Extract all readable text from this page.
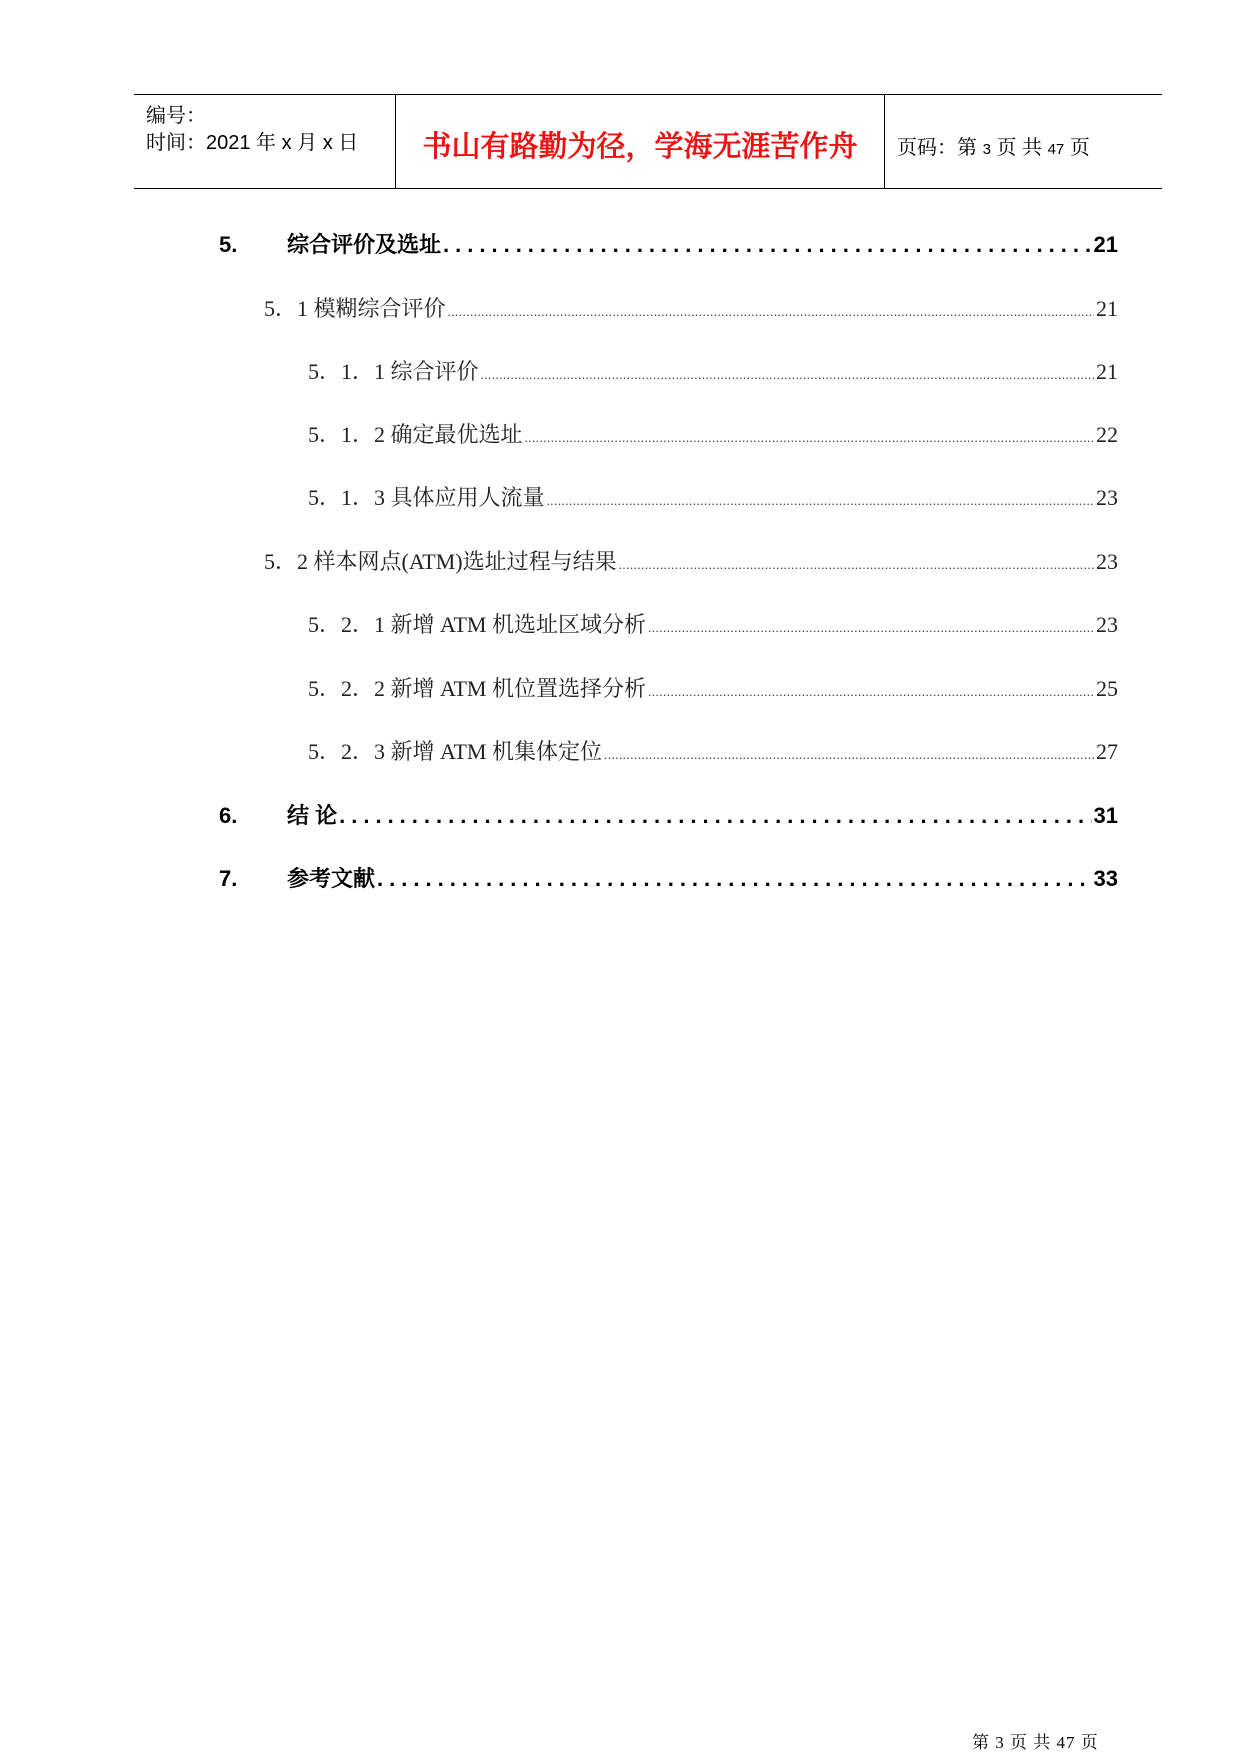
编号：
时间：2021 年 x 月 x 日	书山有路勤为径，学海无涯苦作舟	页码：第 3 页 共 47 页
5.	综合评价及选址 .....	21
5．1 模糊综合评价 .....	21
5．1．1 综合评价 .....	21
5．1．2 确定最优选址 .....	22
5．1．3 具体应用人流量 .....	23
5．2 样本网点(ATM)选址过程与结果 .....	23
5．2．1 新增 ATM 机选址区域分析 .....	23
5．2．2 新增 ATM 机位置选择分析 .....	25
5．2．3 新增 ATM 机集体定位 .....	27
6.	结 论 .....	31
7.	参考文献 .....	33
第 3 页 共 47 页
